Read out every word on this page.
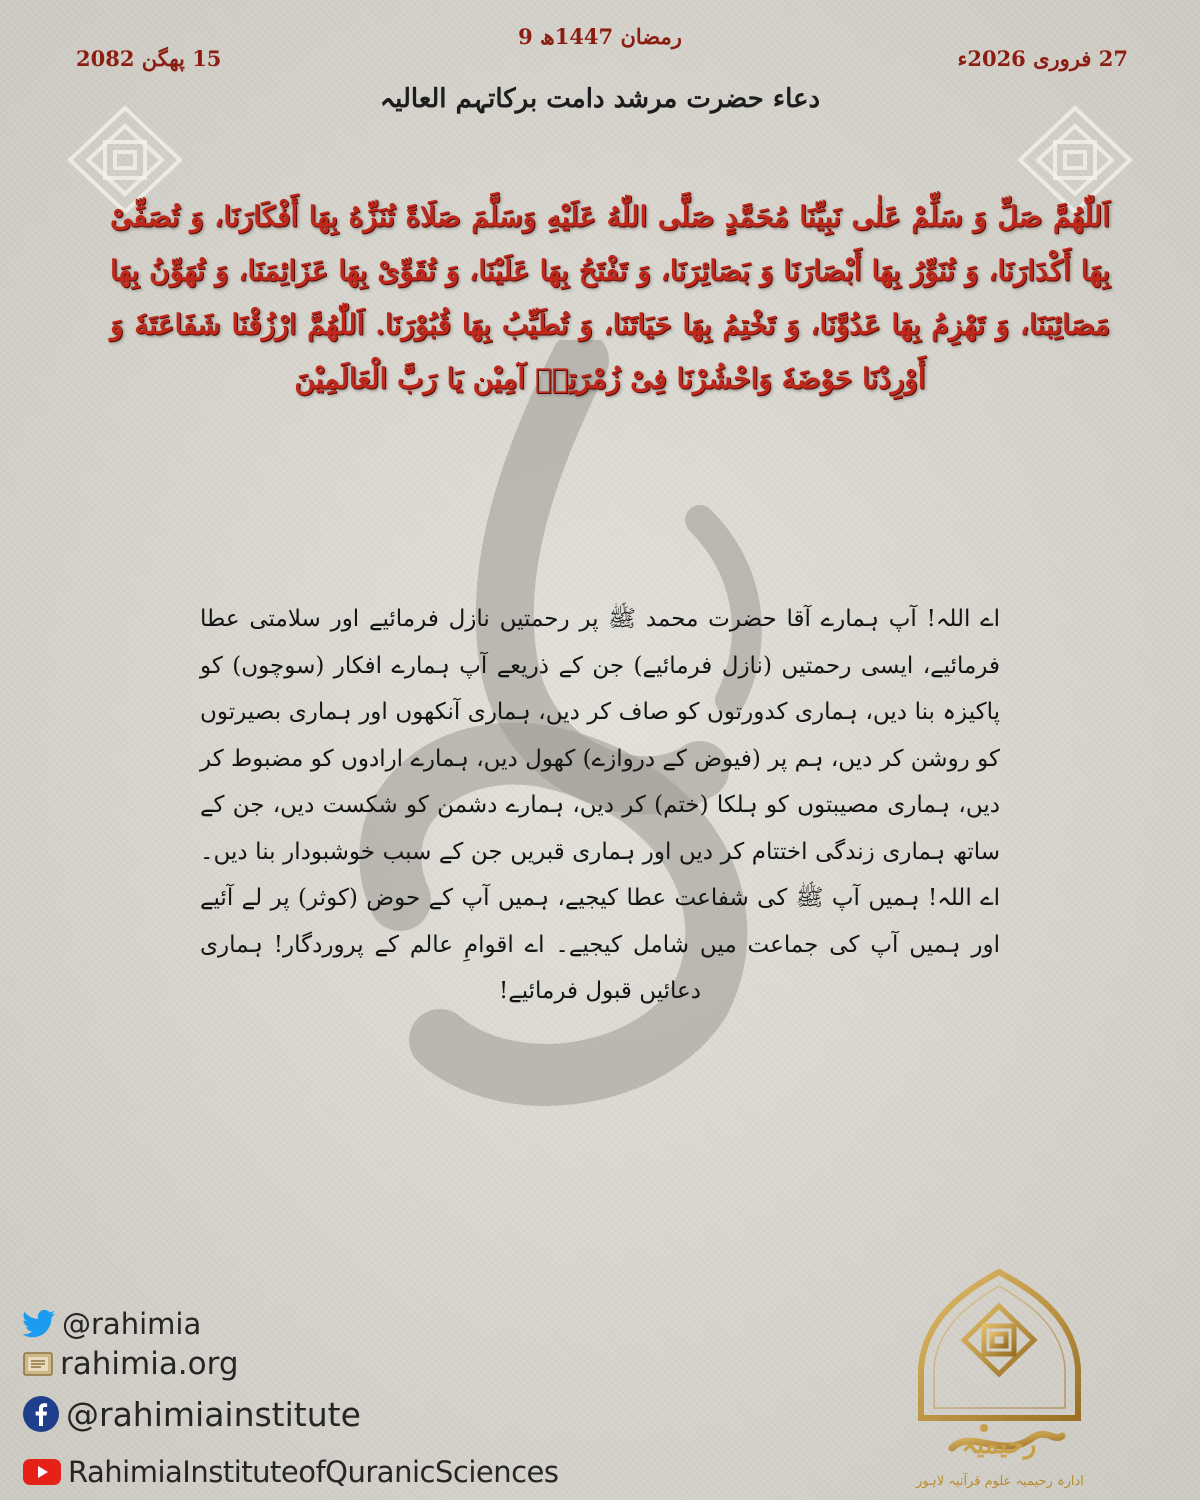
9 رمضان 1447ھ
27 فروری 2026ء
15 پھگن 2082
دعاء حضرت مرشد دامت برکاتہم العالیہ
اَللّٰهُمَّ صَلِّ وَ سَلِّمْ عَلٰی نَبِیِّنَا مُحَمَّدٍ صَلَّی اللّٰهُ عَلَیْهِ وَسَلَّمَ صَلَاةً تُنَزِّهُ بِهَا أَفْكَارَنَا، وَ تُصَفِّیْ بِهَا أَكْدَارَنَا، وَ تُنَوِّرُ بِهَا أَبْصَارَنَا وَ بَصَائِرَنَا، وَ تَفْتَحُ بِهَا عَلَیْنَا، وَ تُقَوِّیْ بِهَا عَزَائِمَنَا، وَ تُهَوِّنُ بِهَا مَصَائِبَنَا، وَ تَهْزِمُ بِهَا عَدُوَّنَا، وَ تَخْتِمُ بِهَا حَیَاتَنَا، وَ تُطَیِّبُ بِهَا قُبُوْرَنَا. اَللّٰهُمَّ ارْزُقْنَا شَفَاعَتَهٗ وَ أَوْرِدْنَا حَوْضَهٗ وَاحْشُرْنَا فِیْ زُمْرَتِهٖ آمِیْن یَا رَبَّ الْعَالَمِیْنَ
اے اللہ! آپ ہمارے آقا حضرت محمد ﷺ پر رحمتیں نازل فرمائیے اور سلامتی عطا فرمائیے، ایسی رحمتیں (نازل فرمائیے) جن کے ذریعے آپ ہمارے افکار (سوچوں) کو پاکیزہ بنا دیں، ہماری کدورتوں کو صاف کر دیں، ہماری آنکھوں اور ہماری بصیرتوں کو روشن کر دیں، ہم پر (فیوض کے دروازے) کھول دیں، ہمارے ارادوں کو مضبوط کر دیں، ہماری مصیبتوں کو ہلکا (ختم) کر دیں، ہمارے دشمن کو شکست دیں، جن کے ساتھ ہماری زندگی اختتام کر دیں اور ہماری قبریں جن کے سبب خوشبودار بنا دیں۔ اے اللہ! ہمیں آپ ﷺ کی شفاعت عطا کیجیے، ہمیں آپ کے حوض (کوثر) پر لے آئیے اور ہمیں آپ کی جماعت میں شامل کیجیے۔ اے اقوامِ عالم کے پروردگار! ہماری دعائیں قبول فرمائیے!
@rahimia
rahimia.org
@rahimiainstitute
RahimiaInstituteofQuranicSciences
رحیمیہ
ادارہ رحیمیہ علوم قرآنیہ لاہور
